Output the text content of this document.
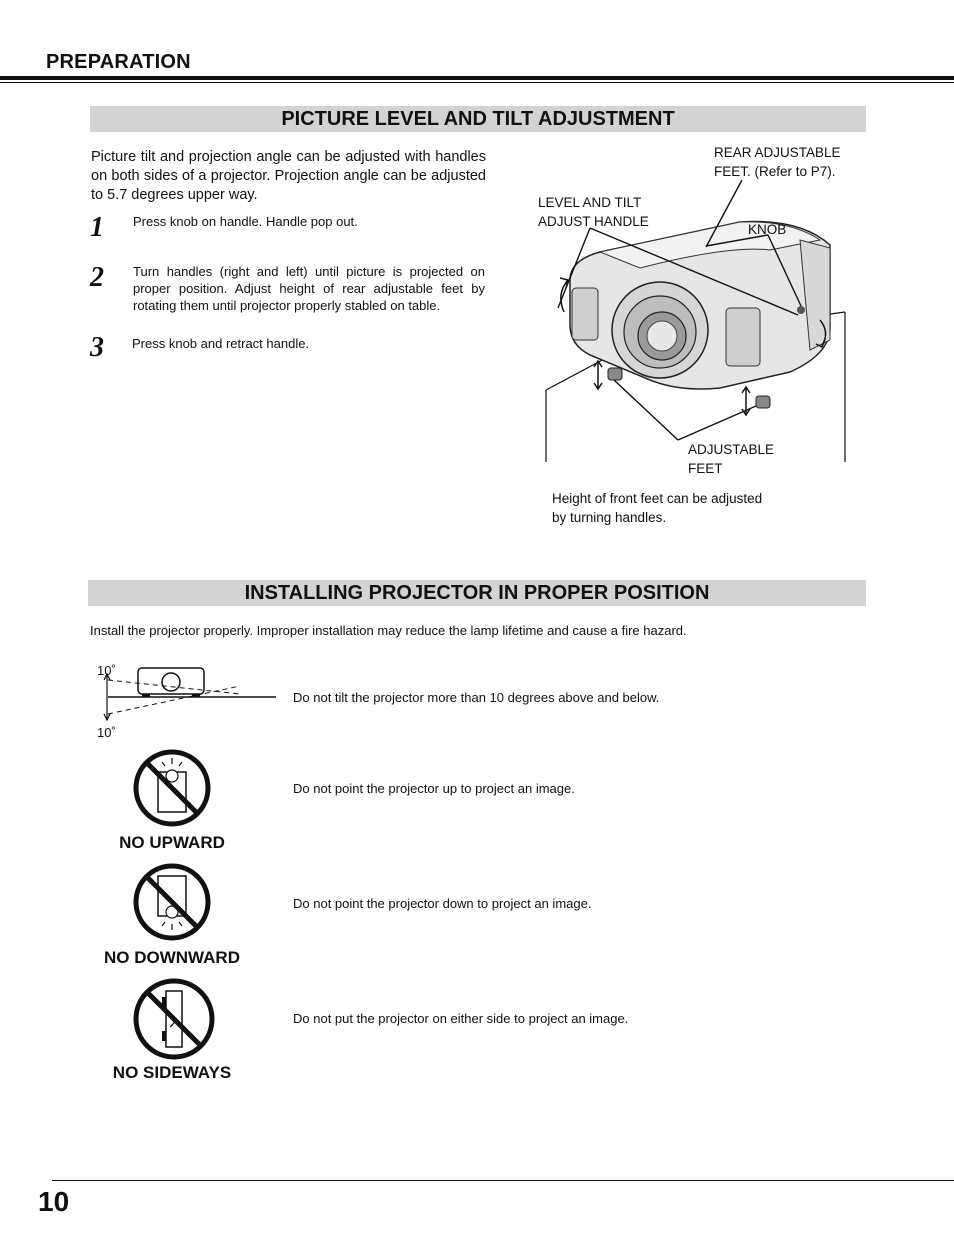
PREPARATION
PICTURE LEVEL AND TILT ADJUSTMENT
Picture tilt and projection angle can be adjusted with handles on both sides of a projector. Projection angle can be adjusted to 5.7 degrees upper way.
1 Press knob on handle. Handle pop out.
2 Turn handles (right and left) until picture is projected on proper position. Adjust height of rear adjustable feet by rotating them until projector properly stabled on table.
3 Press knob and retract handle.
REAR ADJUSTABLE
FEET. (Refer to P7).
LEVEL AND TILT
ADJUST HANDLE
KNOB
ADJUSTABLE
FEET
Height of front feet can be adjusted
by turning handles.
INSTALLING PROJECTOR IN PROPER POSITION
Install the projector properly. Improper installation may reduce the lamp lifetime and cause a fire hazard.
10˚
10˚
Do not tilt the projector more than 10 degrees above and below.
NO UPWARD
Do not point the projector up to project an image.
NO DOWNWARD
Do not point the projector down to project an image.
NO SIDEWAYS
Do not put the projector on either side to project an image.
10
